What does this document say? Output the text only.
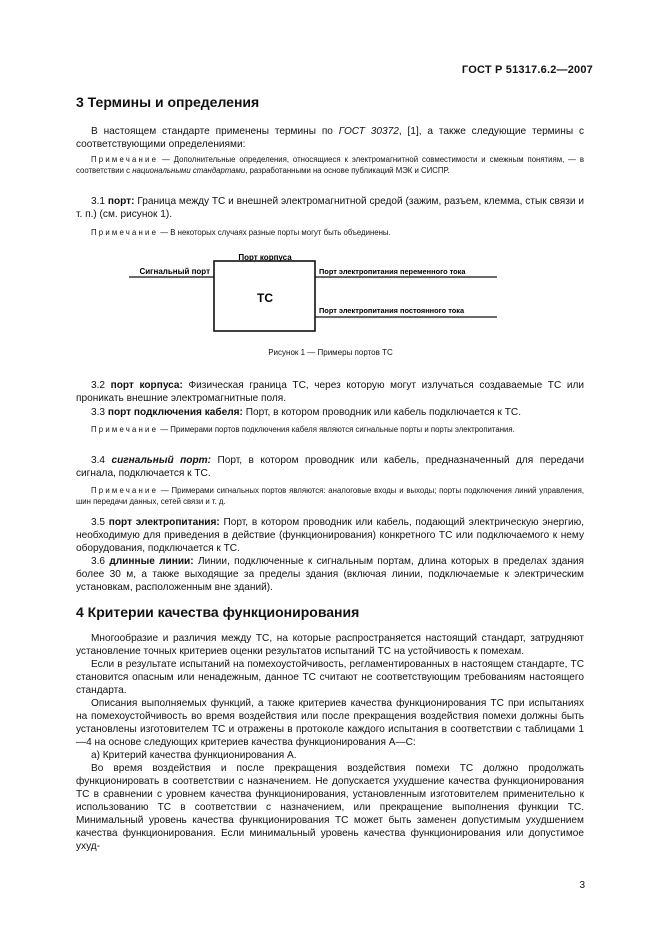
ГОСТ Р 51317.6.2—2007
3 Термины и определения

В настоящем стандарте применены термины по ГОСТ 30372, [1], а также следующие термины с соответствующими определениями:

Примечание — Дополнительные определения, относящиеся к электромагнитной совместимости и смежным понятиям, — в соответствии с национальными стандартами, разработанными на основе публикаций МЭК и СИСПР.

3.1 порт: Граница между ТС и внешней электромагнитной средой (зажим, разъем, клемма, стык связи и т. п.) (см. рисунок 1).

Примечание — В некоторых случаях разные порты могут быть объединены.

Порт корпуса
Сигнальный порт	Порт электропитания переменного тока
Порт электропитания постоянного тока
ТС
Рисунок 1 — Примеры портов ТС

3.2 порт корпуса: Физическая граница ТС, через которую могут излучаться создаваемые ТС или проникать внешние электромагнитные поля.

3.3 порт подключения кабеля: Порт, в котором проводник или кабель подключается к ТС.

Примечание — Примерами портов подключения кабеля являются сигнальные порты и порты электропитания.

3.4 сигнальный порт: Порт, в котором проводник или кабель, предназначенный для передачи сигнала, подключается к ТС.

Примечание — Примерами сигнальных портов являются: аналоговые входы и выходы; порты подключения линий управления, шин передачи данных, сетей связи и т. д.

3.5 порт электропитания: Порт, в котором проводник или кабель, подающий электрическую энергию, необходимую для приведения в действие (функционирования) конкретного ТС или подключаемого к нему оборудования, подключается к ТС.

3.6 длинные линии: Линии, подключенные к сигнальным портам, длина которых в пределах здания более 30 м, а также выходящие за пределы здания (включая линии, подключаемые к электрическим установкам, расположенным вне зданий).

4 Критерии качества функционирования

Многообразие и различия между ТС, на которые распространяется настоящий стандарт, затрудняют установление точных критериев оценки результатов испытаний ТС на устойчивость к помехам.

Если в результате испытаний на помехоустойчивость, регламентированных в настоящем стандарте, ТС становится опасным или ненадежным, данное ТС считают не соответствующим требованиям настоящего стандарта.

Описания выполняемых функций, а также критериев качества функционирования ТС при испытаниях на помехоустойчивость во время воздействия или после прекращения воздействия помехи должны быть установлены изготовителем ТС и отражены в протоколе каждого испытания в соответствии с таблицами 1—4 на основе следующих критериев качества функционирования A—C:

а) Критерий качества функционирования А.

Во время воздействия и после прекращения воздействия помехи ТС должно продолжать функционировать в соответствии с назначением. Не допускается ухудшение качества функционирования ТС в сравнении с уровнем качества функционирования, установленным изготовителем применительно к использованию ТС в соответствии с назначением, или прекращение выполнения функции ТС. Минимальный уровень качества функционирования ТС может быть заменен допустимым ухудшением качества функционирования. Если минимальный уровень качества функционирования или допустимое ухуд-

3
